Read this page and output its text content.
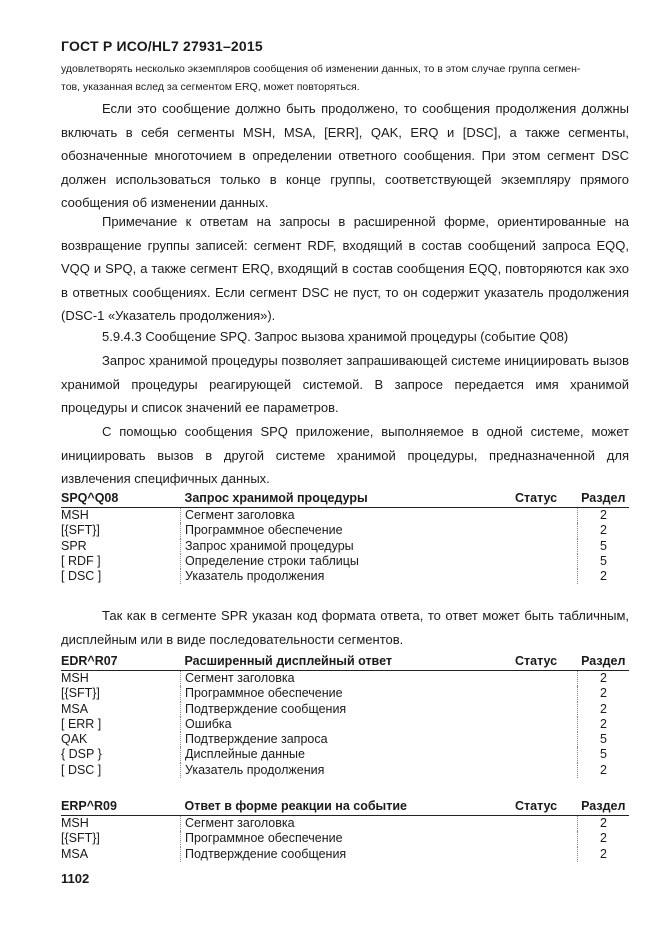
ГОСТ Р ИСО/HL7 27931–2015
удовлетворять несколько экземпляров сообщения об изменении данных, то в этом случае группа сегмен-
тов, указанная вслед за сегментом ERQ, может повторяться.
Если это сообщение должно быть продолжено, то сообщения продолжения должны включать в себя сегменты MSH, MSA, [ERR], QAK, ERQ и [DSC], а также сегменты, обозначенные многоточием в определении ответного сообщения. При этом сегмент DSC должен использоваться только в конце группы, соответствующей экземпляру прямого сообщения об изменении данных.
Примечание к ответам на запросы в расширенной форме, ориентированные на возвращение группы записей: сегмент RDF, входящий в состав сообщений запроса EQQ, VQQ и SPQ, а также сегмент ERQ, входящий в состав сообщения EQQ, повторяются как эхо в ответных сообщениях. Если сегмент DSC не пуст, то он содержит указатель продолжения (DSC-1 «Указатель продолжения»).
5.9.4.3 Сообщение SPQ. Запрос вызова хранимой процедуры (событие Q08)
Запрос хранимой процедуры позволяет запрашивающей системе инициировать вызов хранимой процедуры реагирующей системой. В запросе передается имя хранимой процедуры и список значений ее параметров.
С помощью сообщения SPQ приложение, выполняемое в одной системе, может инициировать вызов в другой системе хранимой процедуры, предназначенной для извлечения специфичных данных.
SPQ^Q08	Запрос хранимой процедуры	Статус	Раздел
MSH	Сегмент заголовка		2
[{SFT}]	Программное обеспечение		2
SPR	Запрос хранимой процедуры		5
[ RDF ]	Определение строки таблицы		5
[ DSC ]	Указатель продолжения		2
Так как в сегменте SPR указан код формата ответа, то ответ может быть табличным, дисплейным или в виде последовательности сегментов.
EDR^R07	Расширенный дисплейный ответ	Статус	Раздел
MSH	Сегмент заголовка		2
[{SFT}]	Программное обеспечение		2
MSA	Подтверждение сообщения		2
[ ERR ]	Ошибка		2
QAK	Подтверждение запроса		5
{ DSP }	Дисплейные данные		5
[ DSC ]	Указатель продолжения		2
ERP^R09	Ответ в форме реакции на событие	Статус	Раздел
MSH	Сегмент заголовка		2
[{SFT}]	Программное обеспечение		2
MSA	Подтверждение сообщения		2
1102
